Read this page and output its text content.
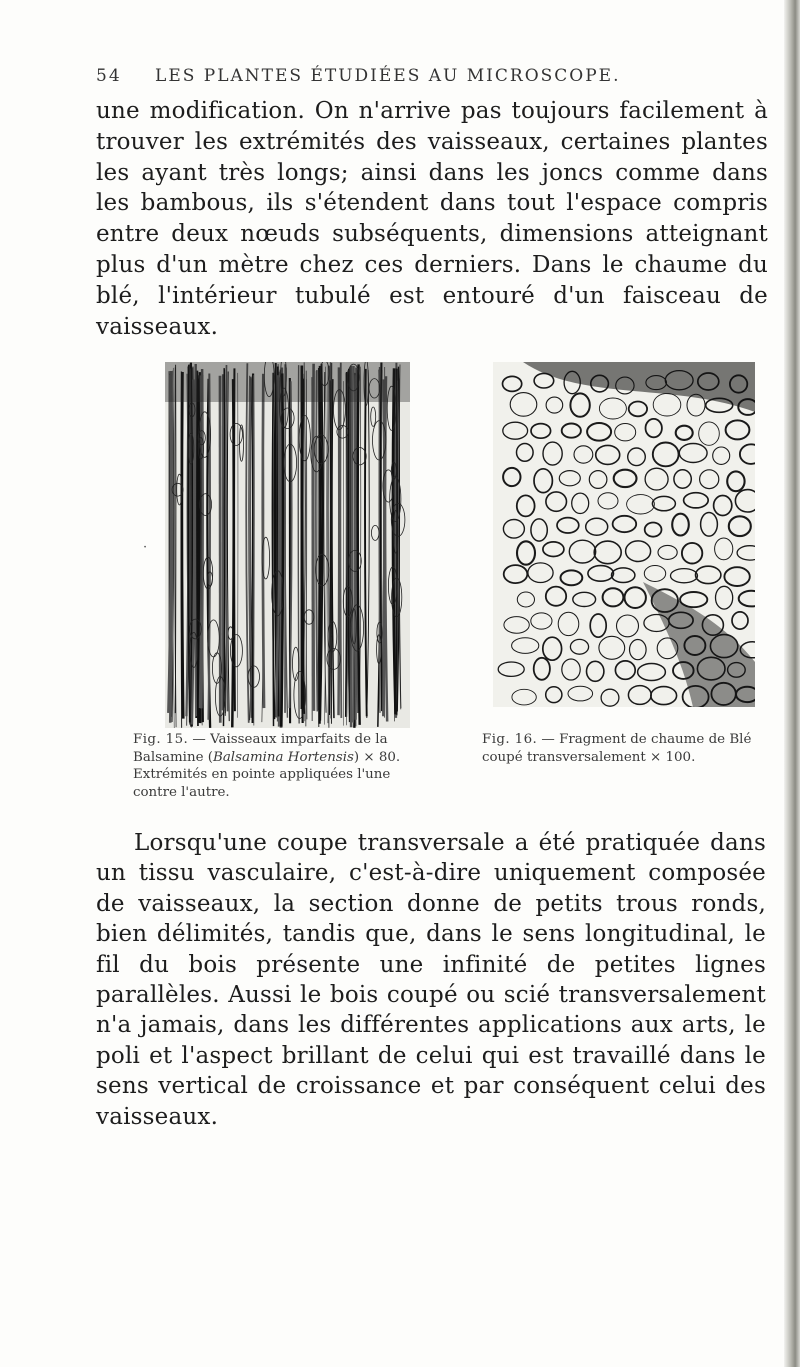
54 LES PLANTES ÉTUDIÉES AU MICROSCOPE.

une modification. On n'arrive pas toujours facilement à trouver les extrémités des vaisseaux, certaines plantes les ayant très longs; ainsi dans les joncs comme dans les bambous, ils s'étendent dans tout l'espace compris entre deux nœuds subséquents, dimensions atteignant plus d'un mètre chez ces derniers. Dans le chaume du blé, l'intérieur tubulé est entouré d'un faisceau de vaisseaux.

·
Fig. 15. — Vaisseaux imparfaits de la Balsamine (Balsamina Hortensis) × 80. Extrémités en pointe appliquées l'une contre l'autre.
Fig. 16. — Fragment de chaume de Blé coupé transversalement × 100.

Lorsqu'une coupe transversale a été pratiquée dans un tissu vasculaire, c'est-à-dire uniquement composée de vaisseaux, la section donne de petits trous ronds, bien délimités, tandis que, dans le sens longitudinal, le fil du bois présente une infinité de petites lignes parallèles. Aussi le bois coupé ou scié transversalement n'a jamais, dans les différentes applications aux arts, le poli et l'aspect brillant de celui qui est travaillé dans le sens vertical de croissance et par conséquent celui des vaisseaux.
